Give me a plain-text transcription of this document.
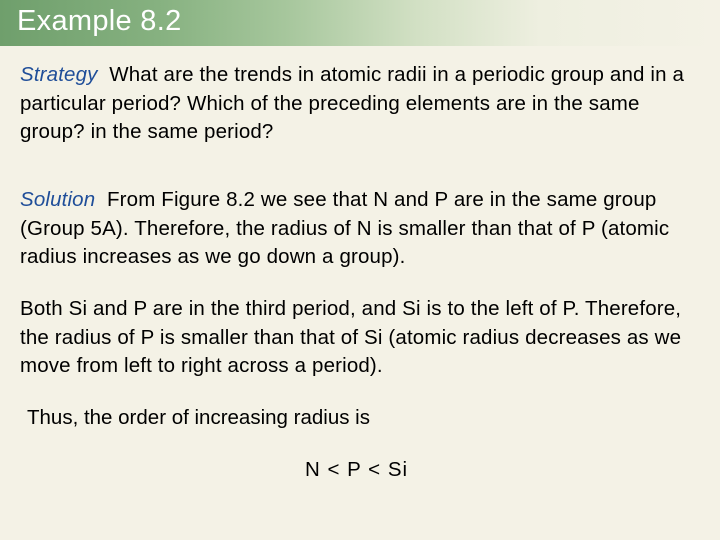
Example 8.2

Strategy What are the trends in atomic radii in a periodic group and in a particular period? Which of the preceding elements are in the same group? in the same period?

Solution From Figure 8.2 we see that N and P are in the same group (Group 5A). Therefore, the radius of N is smaller than that of P (atomic radius increases as we go down a group).

Both Si and P are in the third period, and Si is to the left of P. Therefore, the radius of P is smaller than that of Si (atomic radius decreases as we move from left to right across a period).

Thus, the order of increasing radius is

N < P < Si
